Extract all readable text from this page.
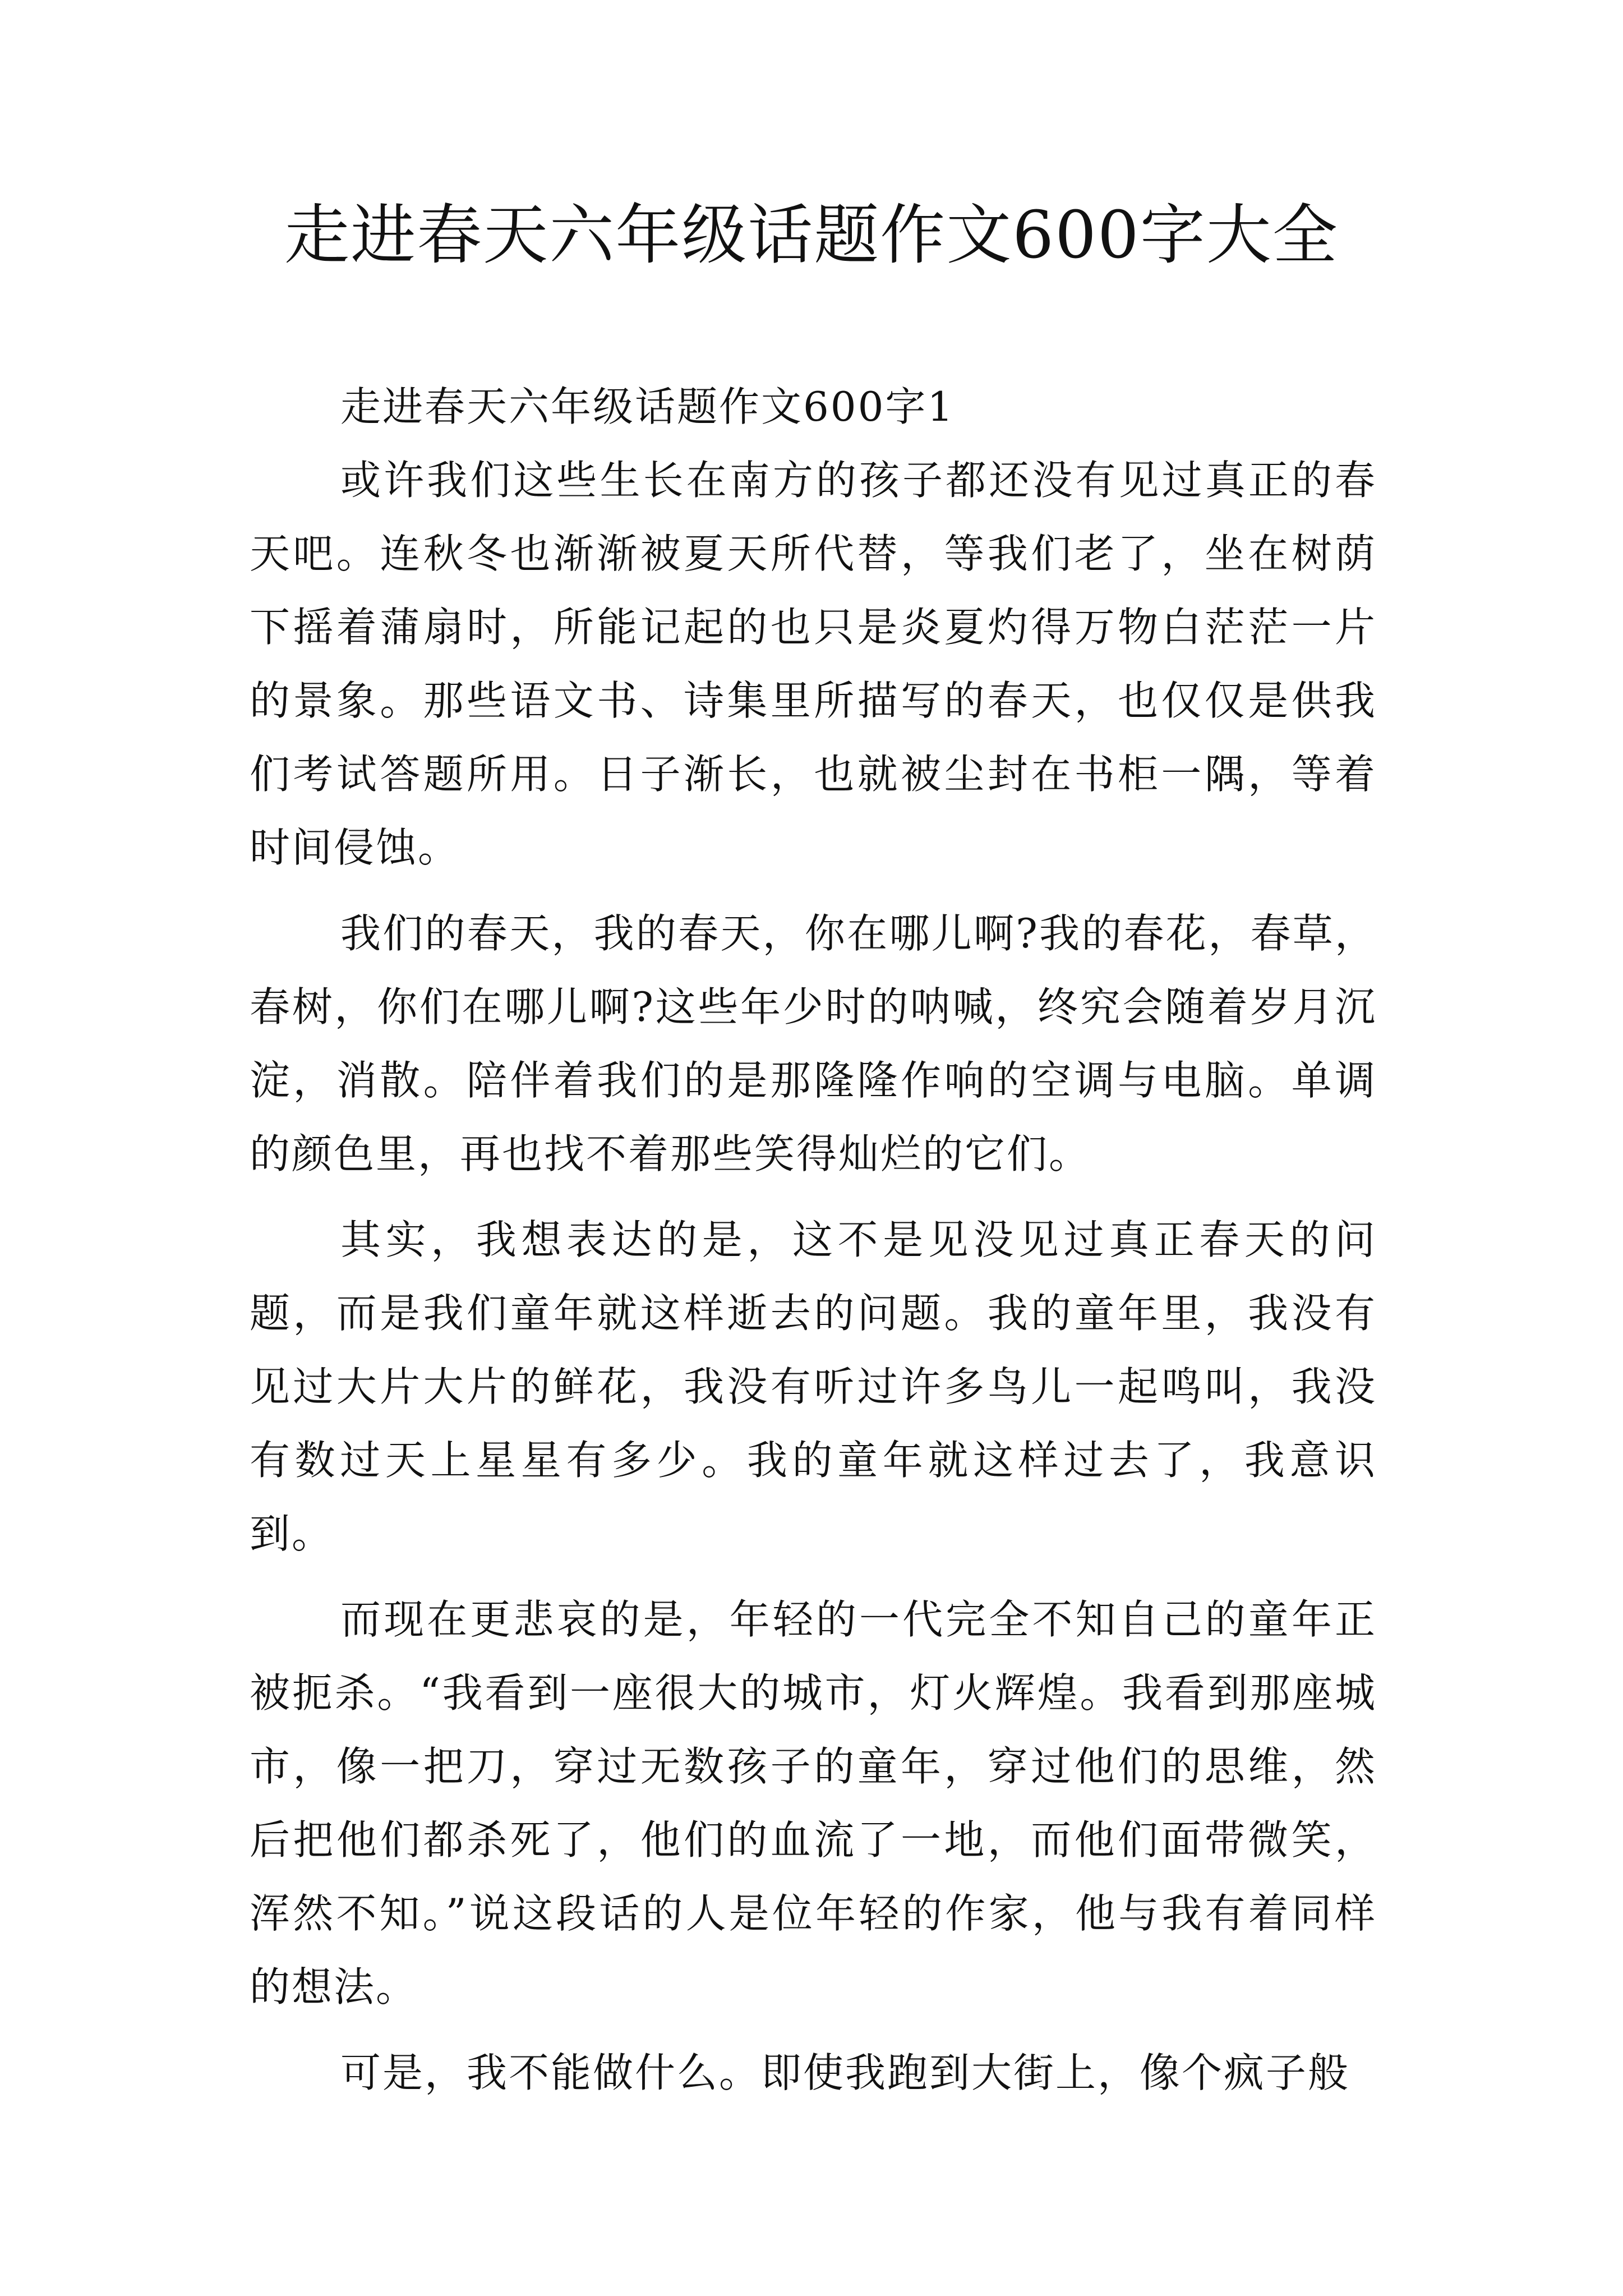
走进春天六年级话题作文600字大全

走进春天六年级话题作文600字1

或许我们这些生长在南方的孩子都还没有见过真正的春天吧。连秋冬也渐渐被夏天所代替，等我们老了，坐在树荫下摇着蒲扇时，所能记起的也只是炎夏灼得万物白茫茫一片的景象。那些语文书、诗集里所描写的春天，也仅仅是供我们考试答题所用。日子渐长，也就被尘封在书柜一隅，等着时间侵蚀。

我们的春天，我的春天，你在哪儿啊?我的春花，春草，春树，你们在哪儿啊?这些年少时的呐喊，终究会随着岁月沉淀，消散。陪伴着我们的是那隆隆作响的空调与电脑。单调的颜色里，再也找不着那些笑得灿烂的它们。

其实，我想表达的是，这不是见没见过真正春天的问题，而是我们童年就这样逝去的问题。我的童年里，我没有见过大片大片的鲜花，我没有听过许多鸟儿一起鸣叫，我没有数过天上星星有多少。我的童年就这样过去了，我意识到。

而现在更悲哀的是，年轻的一代完全不知自己的童年正被扼杀。“我看到一座很大的城市，灯火辉煌。我看到那座城市，像一把刀，穿过无数孩子的童年，穿过他们的思维，然后把他们都杀死了，他们的血流了一地，而他们面带微笑，浑然不知。”说这段话的人是位年轻的作家，他与我有着同样的想法。

可是，我不能做什么。即使我跑到大街上，像个疯子般
